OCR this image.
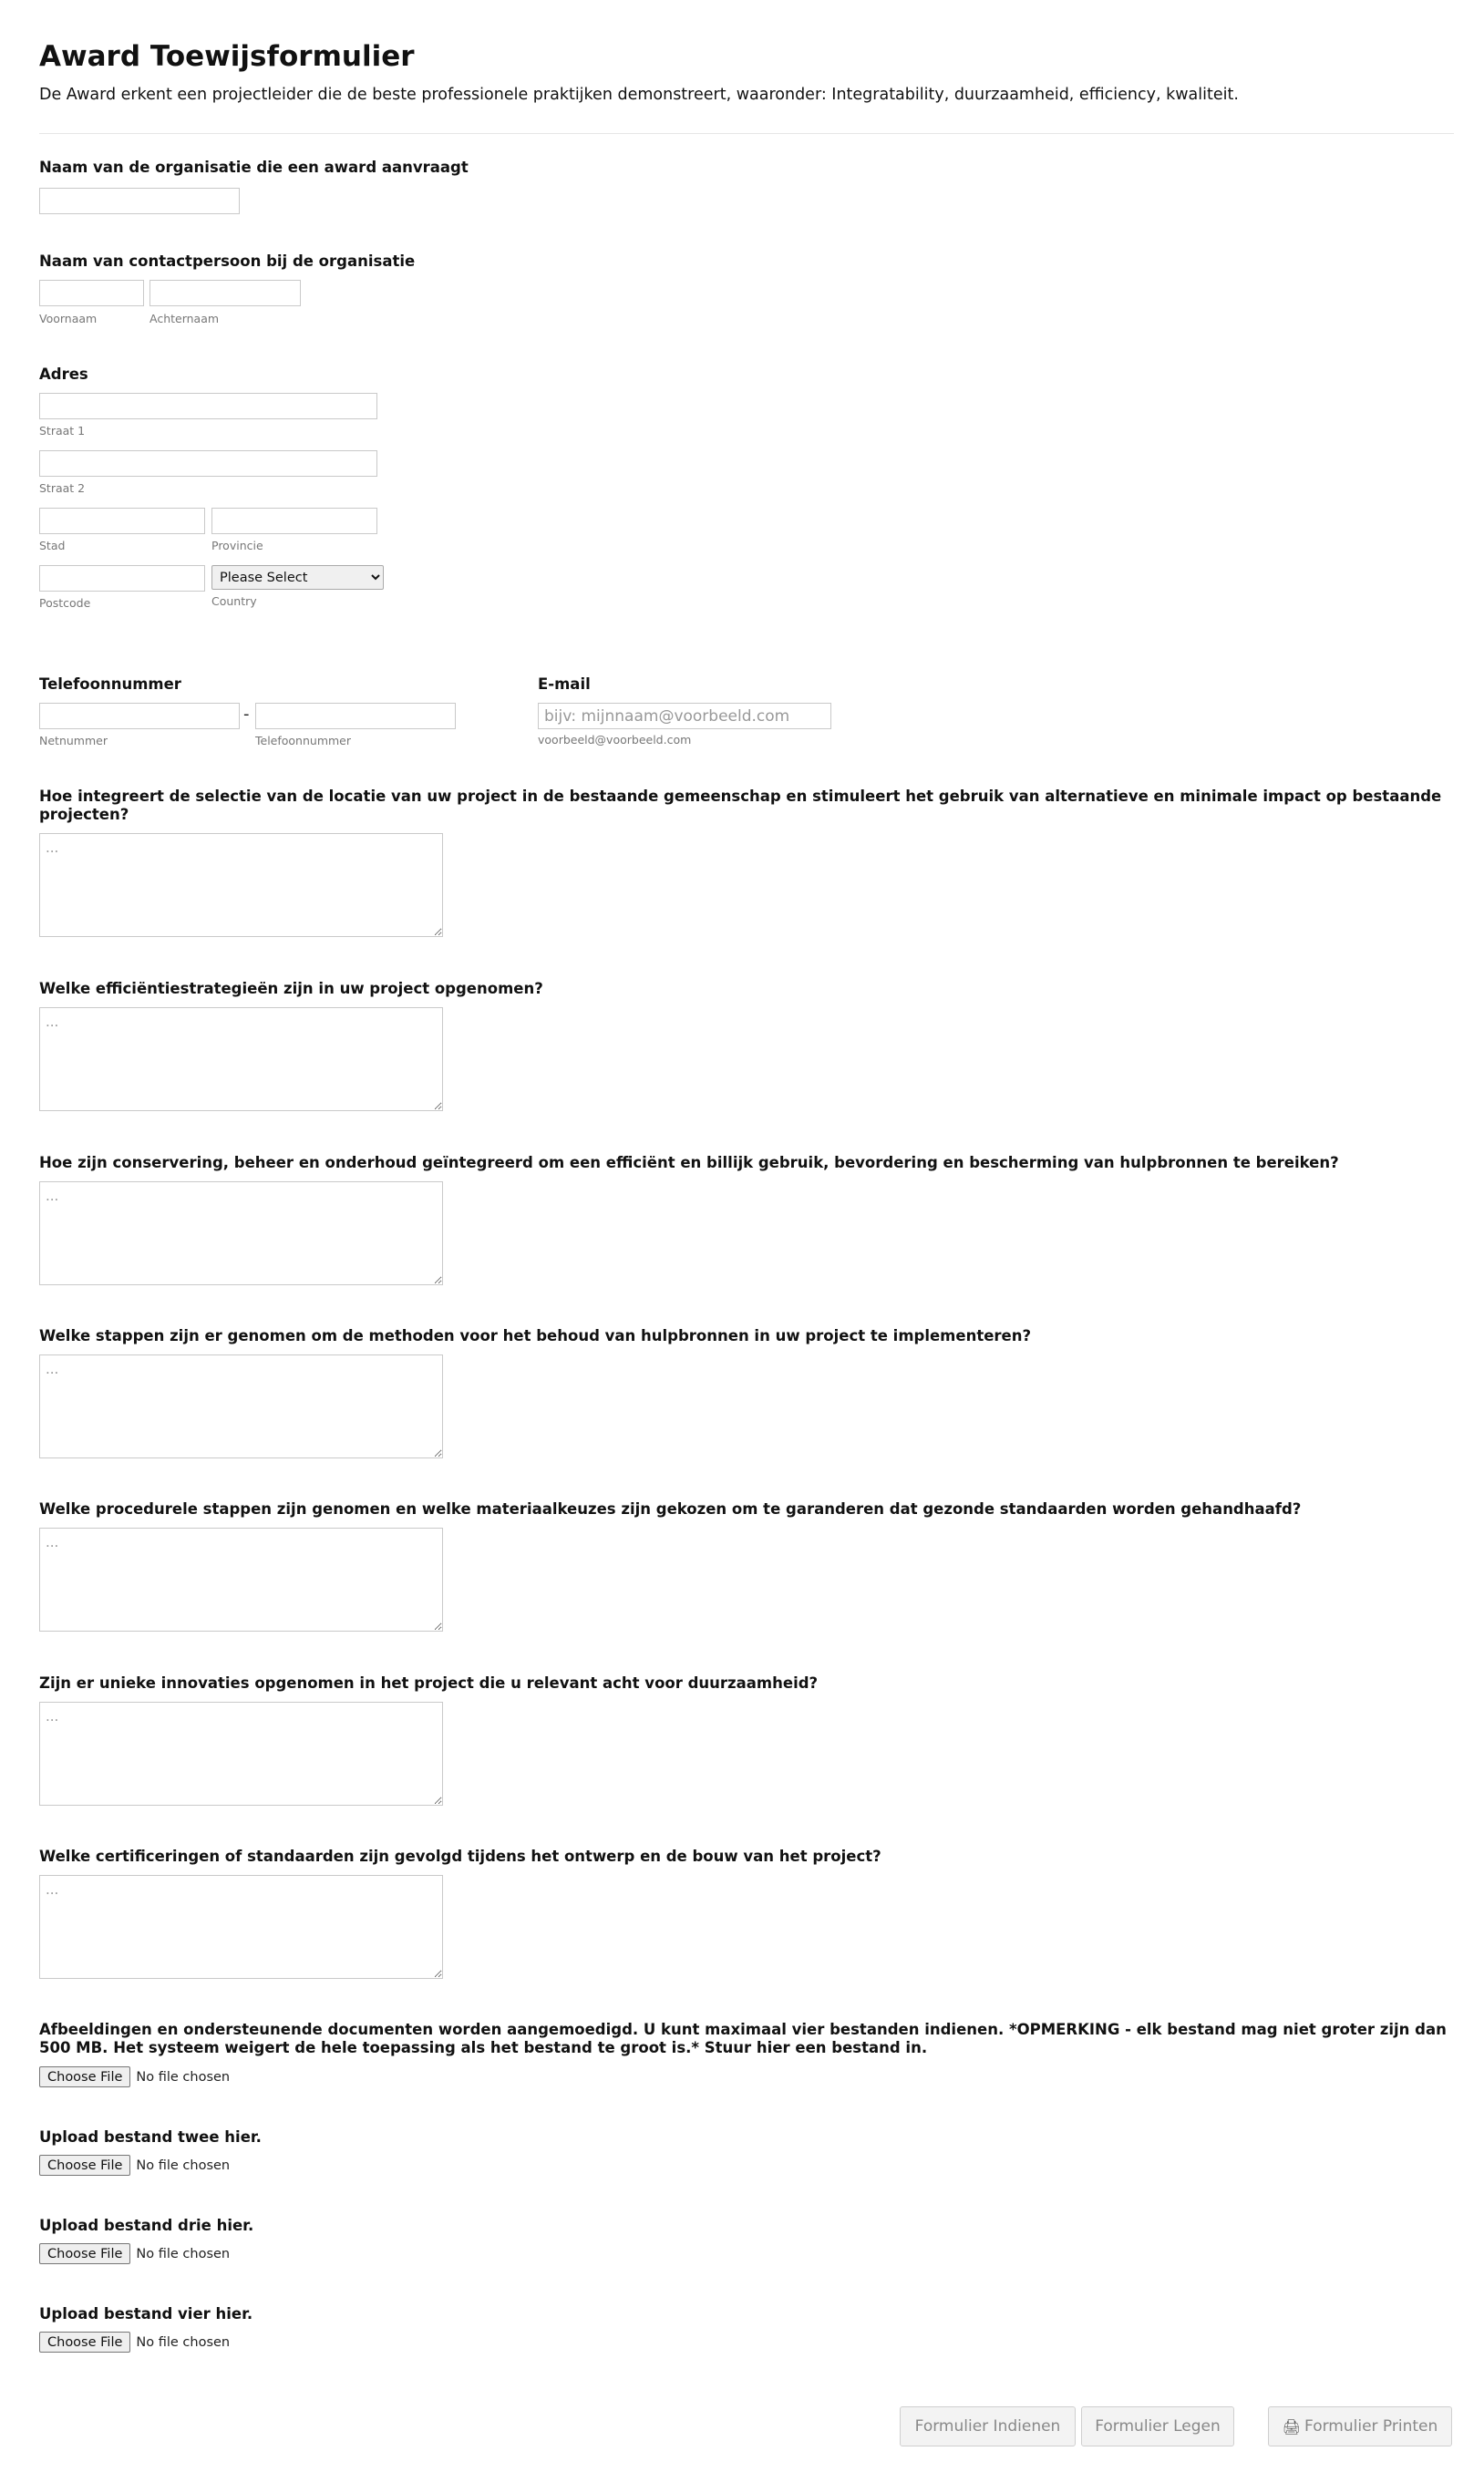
Award Toewijsformulier
De Award erkent een projectleider die de beste professionele praktijken demonstreert, waaronder: Integratability, duurzaamheid, efficiency, kwaliteit.
Naam van de organisatie die een award aanvraagt
Naam van contactpersoon bij de organisatie
Voornaam	Achternaam
Adres
Straat 1
Straat 2
Stad	Provincie
Please Select
Postcode	Country
Telefoonnummer
-
Netnummer	Telefoonnummer
E-mail
bijv: mijnnaam@voorbeeld.com
voorbeeld@voorbeeld.com
Hoe integreert de selectie van de locatie van uw project in de bestaande gemeenschap en stimuleert het gebruik van alternatieve en minimale impact op bestaande projecten?
...
Welke efficiëntiestrategieën zijn in uw project opgenomen?
...
Hoe zijn conservering, beheer en onderhoud geïntegreerd om een efficiënt en billijk gebruik, bevordering en bescherming van hulpbronnen te bereiken?
...
Welke stappen zijn er genomen om de methoden voor het behoud van hulpbronnen in uw project te implementeren?
...
Welke procedurele stappen zijn genomen en welke materiaalkeuzes zijn gekozen om te garanderen dat gezonde standaarden worden gehandhaafd?
...
Zijn er unieke innovaties opgenomen in het project die u relevant acht voor duurzaamheid?
...
Welke certificeringen of standaarden zijn gevolgd tijdens het ontwerp en de bouw van het project?
...
Afbeeldingen en ondersteunende documenten worden aangemoedigd. U kunt maximaal vier bestanden indienen. *OPMERKING - elk bestand mag niet groter zijn dan 500 MB. Het systeem weigert de hele toepassing als het bestand te groot is.* Stuur hier een bestand in.
Choose File	No file chosen
Upload bestand twee hier.
Choose File	No file chosen
Upload bestand drie hier.
Choose File	No file chosen
Upload bestand vier hier.
Choose File	No file chosen
Formulier Indienen	Formulier Legen	🖨 Formulier Printen
